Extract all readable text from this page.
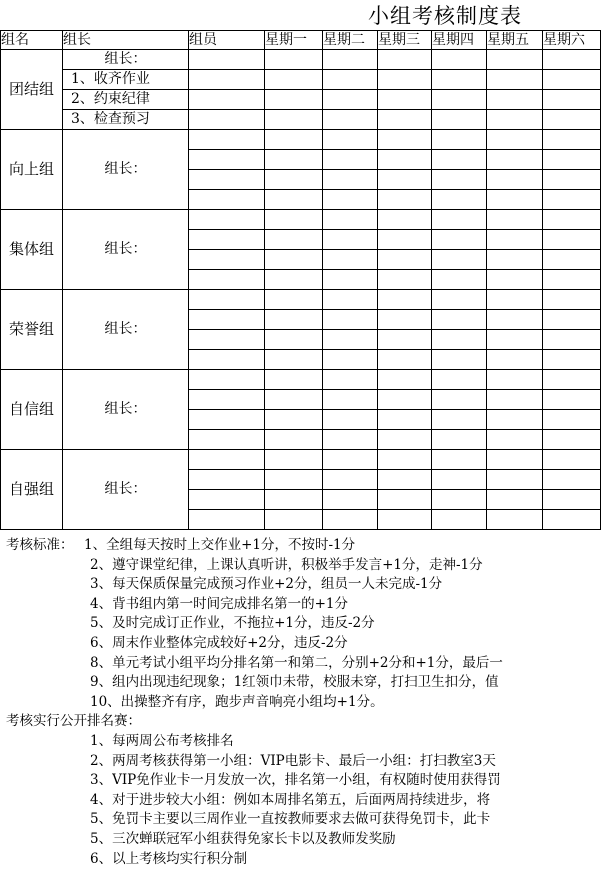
小组考核制度表
组名	组长	组员	星期一	星期二	星期三	星期四	星期五	星期六
团结组	组长：							
	1、收齐作业							
	2、约束纪律							
	3、检查预习							
向上组	组长：							

集体组	组长：							

荣誉组	组长：							

自信组	组长：							

自强组	组长：							

考核标准： 1、全组每天按时上交作业+1分，不按时-1分
2、遵守课堂纪律，上课认真听讲，积极举手发言+1分，走神-1分
3、每天保质保量完成预习作业+2分，组员一人未完成-1分
4、背书组内第一时间完成排名第一的+1分
5、及时完成订正作业，不拖拉+1分，违反-2分
6、周末作业整体完成较好+2分，违反-2分
8、单元考试小组平均分排名第一和第二，分别+2分和+1分，最后一
9、组内出现违纪现象；1红领巾未带，校服未穿，打扫卫生扣分，值
10、出操整齐有序，跑步声音响亮小组均+1分。
考核实行公开排名赛：
1、每两周公布考核排名
2、两周考核获得第一小组：VIP电影卡、最后一小组：打扫教室3天
3、VIP免作业卡一月发放一次，排名第一小组，有权随时使用获得罚
4、对于进步较大小组：例如本周排名第五，后面两周持续进步，将
5、免罚卡主要以三周作业一直按教师要求去做可获得免罚卡，此卡
5、三次蝉联冠军小组获得免家长卡以及教师发奖励
6、以上考核均实行积分制
